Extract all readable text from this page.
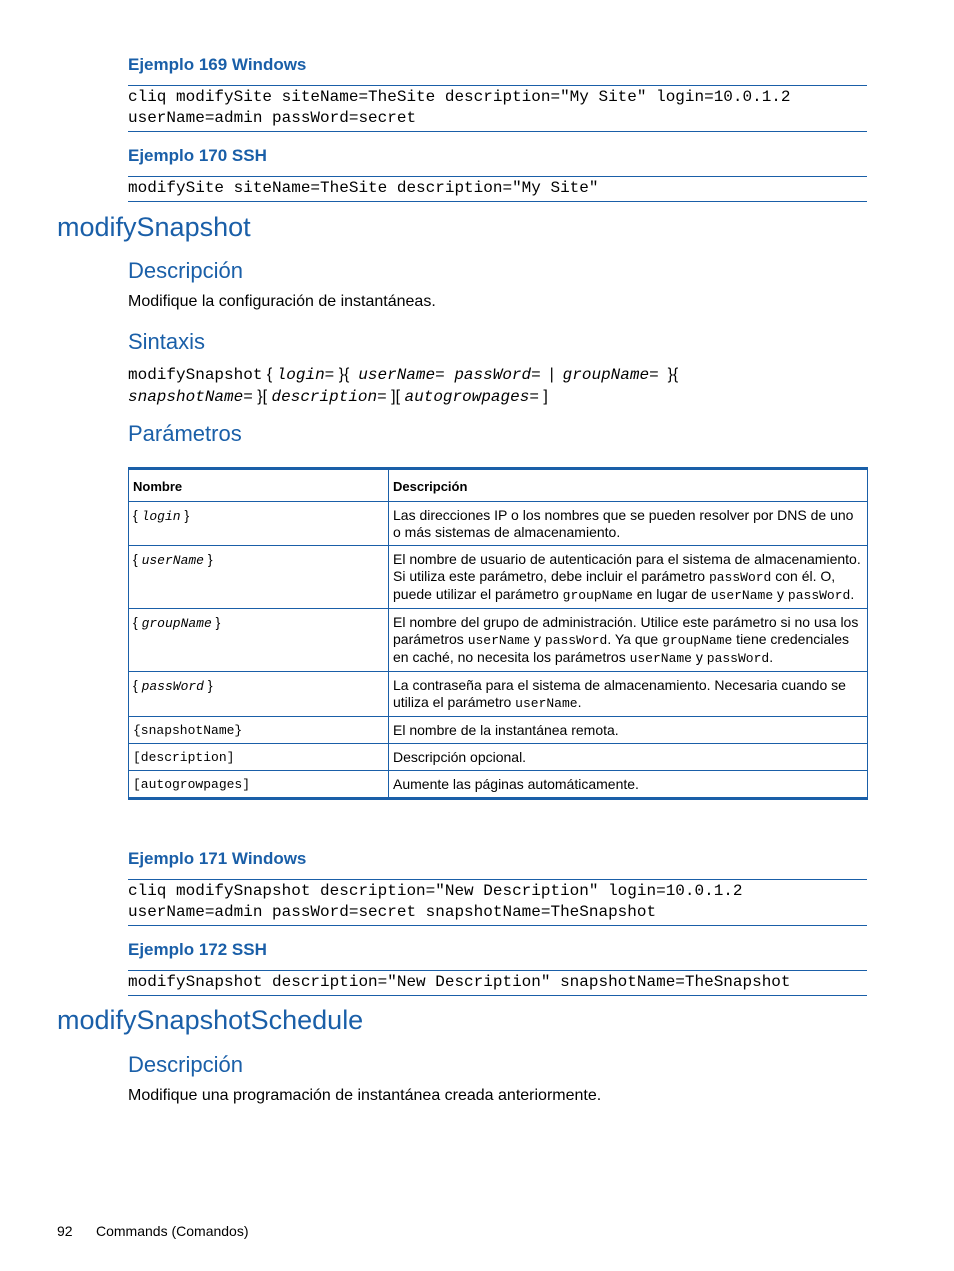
Ejemplo 169 Windows
cliq modifySite siteName=TheSite description="My Site" login=10.0.1.2
userName=admin passWord=secret
Ejemplo 170 SSH
modifySite siteName=TheSite description="My Site"
modifySnapshot
Descripción
Modifique la configuración de instantáneas.
Sintaxis
modifySnapshot { login= }{  userName= passWord=  |  groupName=  }{
snapshotName= }[ description= ][ autogrowpages= ]
Parámetros
Nombre	Descripción
{ login }	Las direcciones IP o los nombres que se pueden resolver por DNS de uno o más sistemas de almacenamiento.
{ userName }	El nombre de usuario de autenticación para el sistema de almacenamiento. Si utiliza este parámetro, debe incluir el parámetro passWord con él. O, puede utilizar el parámetro groupName en lugar de userName y passWord.
{ groupName }	El nombre del grupo de administración. Utilice este parámetro si no usa los parámetros userName y passWord. Ya que groupName tiene credenciales en caché, no necesita los parámetros userName y passWord.
{ passWord }	La contraseña para el sistema de almacenamiento. Necesaria cuando se utiliza el parámetro userName.
{snapshotName}	El nombre de la instantánea remota.
[description]	Descripción opcional.
[autogrowpages]	Aumente las páginas automáticamente.
Ejemplo 171 Windows
cliq modifySnapshot description="New Description" login=10.0.1.2
userName=admin passWord=secret snapshotName=TheSnapshot
Ejemplo 172 SSH
modifySnapshot description="New Description" snapshotName=TheSnapshot
modifySnapshotSchedule
Descripción
Modifique una programación de instantánea creada anteriormente.
92 Commands (Comandos)
